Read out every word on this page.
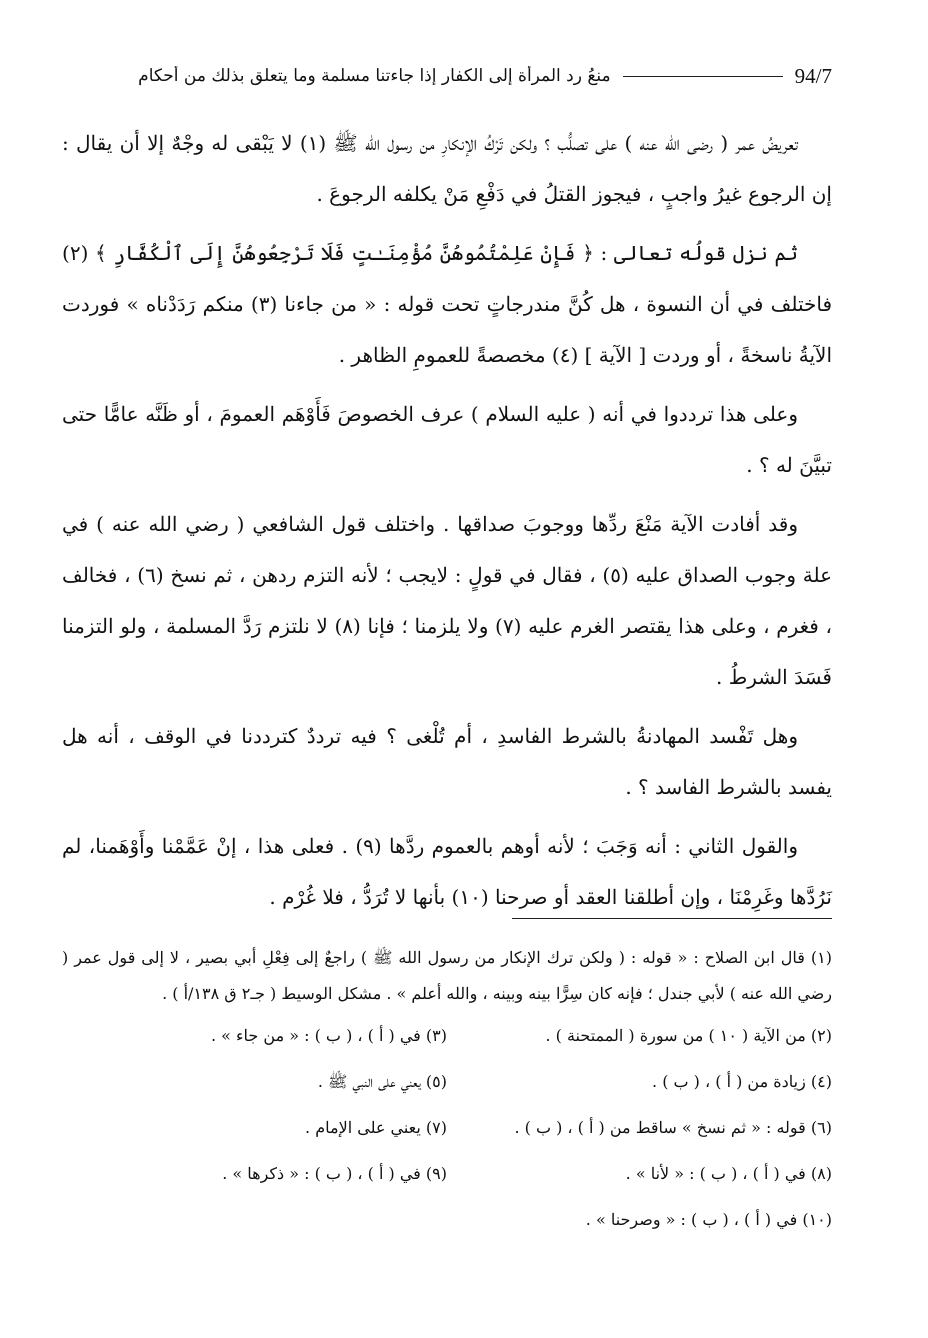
94/7
منعُ رد المرأة إلى الكفار إذا جاءتنا مسلمة وما يتعلق بذلك من أحكام

تعريضُ عمر ( رضى الله عنه ) على تصلُّب ؟ ولكن تَرْكُ الإنكارِ من رسول الله ﷺ (١) لا يَبْقى له وجْهٌ إلا أن يقال : إن الرجوع غيرُ واجبٍ ، فيجوز القتلُ في دَفْعِ مَنْ يكلفه الرجوعَ .

ثم نزل قولُه تعالى : ﴿ فَإِنْ عَلِمْتُمُوهُنَّ مُؤْمِنَـٰتٍ فَلَا تَرْجِعُوهُنَّ إِلَى ٱلْكُفَّارِ ﴾ (٢) فاختلف في أن النسوة ، هل كُنَّ مندرجاتٍ تحت قوله : « من جاءنا (٣) منكم رَدَدْناه » فوردت الآيةُ ناسخةً ، أو وردت [ الآية ] (٤) مخصصةً للعمومِ الظاهر .

وعلى هذا ترددوا في أنه ( عليه السلام ) عرف الخصوصَ فَأَوْهَم العمومَ ، أو ظَنَّه عامًّا حتى تبيَّنَ له ؟ .

وقد أفادت الآية مَنْعَ ردِّها ووجوبَ صداقها . واختلف قول الشافعي ( رضي الله عنه ) في علة وجوب الصداق عليه (٥) ، فقال في قولٍ : لايجب ؛ لأنه التزم ردهن ، ثم نسخ (٦) ، فخالف ، فغرم ، وعلى هذا يقتصر الغرم عليه (٧) ولا يلزمنا ؛ فإنا (٨) لا نلتزم رَدَّ المسلمة ، ولو التزمنا فَسَدَ الشرطُ .

وهل تَفْسد المهادنةُ بالشرط الفاسدِ ، أم تُلْغى ؟ فيه ترددٌ كترددنا في الوقف ، أنه هل يفسد بالشرط الفاسد ؟ .

والقول الثاني : أنه وَجَبَ ؛ لأنه أوهم بالعموم ردَّها (٩) . فعلى هذا ، إنْ عَمَّمْنا وأَوْهَمنا، لم نَرُدَّها وغَرِمْنَا ، وإن أطلقنا العقد أو صرحنا (١٠) بأنها لا تُرَدُّ ، فلا غُرْم .

(١) قال ابن الصلاح : « قوله : ( ولكن ترك الإنكار من رسول الله ﷺ ) راجعٌ إلى فِعْلِ أبي بصير ، لا إلى قول عمر ( رضي الله عنه ) لأبي جندل ؛ فإنه كان سِرًّا بينه وبينه ، والله أعلم » . مشكل الوسيط ( جـ٢ ق ١٣٨/أ ) .
(٢) من الآية ( ١٠ ) من سورة ( الممتحنة ) .
(٣) في ( أ ) ، ( ب ) : « من جاء » .
(٤) زيادة من ( أ ) ، ( ب ) .
(٥) يعني على النبي ﷺ .
(٦) قوله : « ثم نسخ » ساقط من ( أ ) ، ( ب ) .
(٧) يعني على الإمام .
(٨) في ( أ ) ، ( ب ) : « لأنا » .
(٩) في ( أ ) ، ( ب ) : « ذكرها » .
(١٠) في ( أ ) ، ( ب ) : « وصرحنا » .
